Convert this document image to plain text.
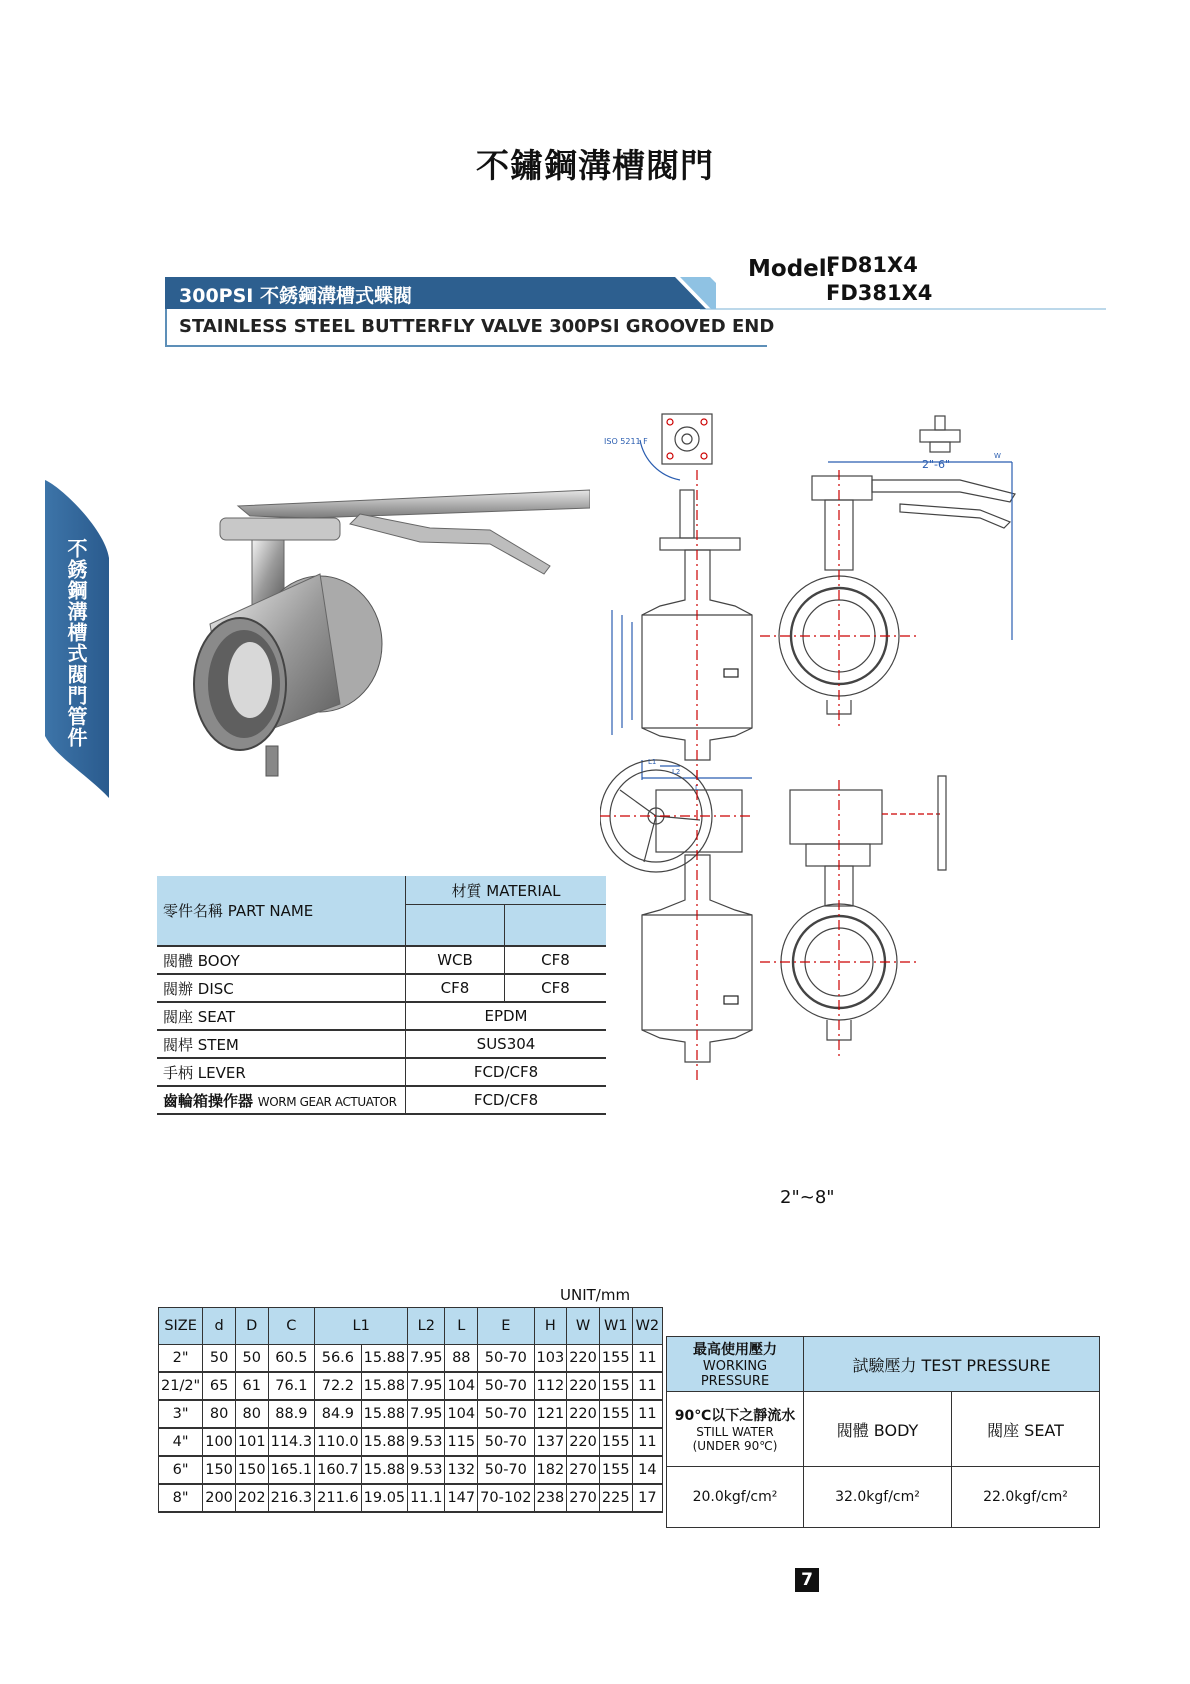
不鏽鋼溝槽閥門
不銹鋼溝槽式閥門管件
Model:
FD81X4
FD381X4
300PSI 不銹鋼溝槽式蝶閥
STAINLESS STEEL BUTTERFLY VALVE 300PSI GROOVED END
ISO 5211 F
2"-6"
W
L
L1
L2
2"~8"
零件名稱 PART NAME	材質 MATERIAL	

閥體 BOOY	WCB	CF8
閥辦 DISC	CF8	CF8
閥座 SEAT	EPDM	
閥桿 STEM	SUS304	
手柄 LEVER	FCD/CF8	
齒輪箱操作器 WORM GEAR ACTUATOR	FCD/CF8	
UNIT/mm
SIZE	d	D	C	L1		L2	L	E	H	W	W1	W2
2"	50	50	60.5	56.6	15.88	7.95	88	50-70	103	220	155	11
21/2"	65	61	76.1	72.2	15.88	7.95	104	50-70	112	220	155	11
3"	80	80	88.9	84.9	15.88	7.95	104	50-70	121	220	155	11
4"	100	101	114.3	110.0	15.88	9.53	115	50-70	137	220	155	11
6"	150	150	165.1	160.7	15.88	9.53	132	50-70	182	270	155	14
8"	200	202	216.3	211.6	19.05	11.1	147	70-102	238	270	225	17
最高使用壓力
WORKING PRESSURE	試驗壓力 TEST PRESSURE	

90℃以下之靜流水
STILL WATER
(UNDER 90℃)	閥體 BODY	閥座 SEAT
20.0kgf/cm²	32.0kgf/cm²	22.0kgf/cm²
7
